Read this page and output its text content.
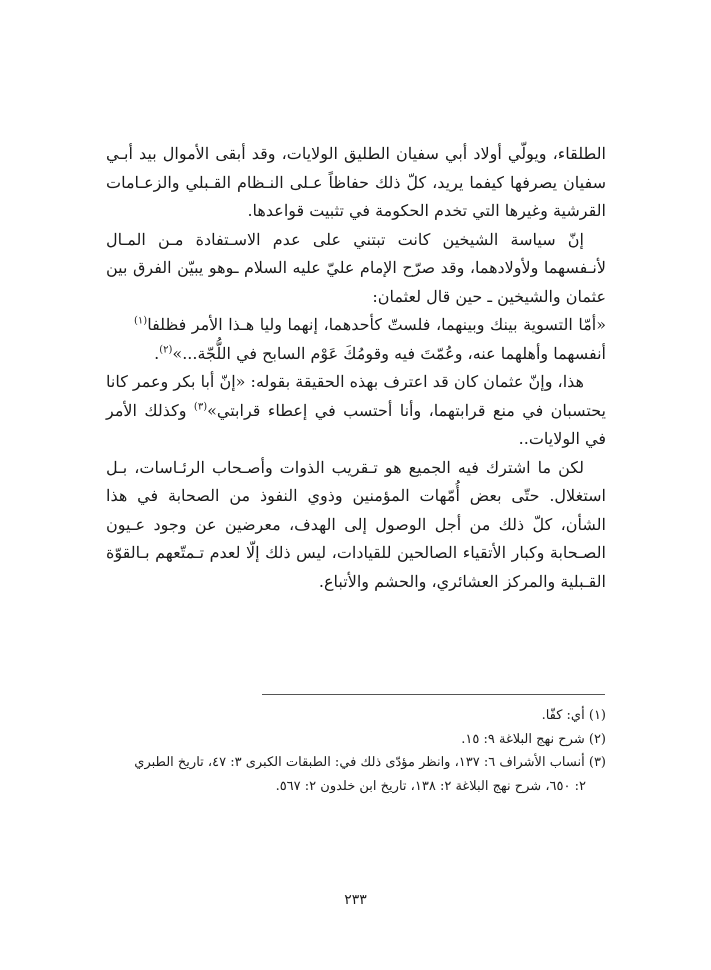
الطلقاء، ويولّي أولاد أبي سفيان الطليق الولايات، وقد أبقى الأموال بيد أبـي سفيان يصرفها كيفما يريد، كلّ ذلك حفاظاً عـلى النـظام القـبلي والزعـامات القرشية وغيرها التي تخدم الحكومة في تثبيت قواعدها.

إنّ سياسة الشيخين كانت تبتني على عدم الاسـتفادة مـن المـال لأنـفسهما ولأولادهما، وقد صرّح الإمام عليّ عليه السلام ـوهو يبيّن الفرق بين عثمان والشيخين ـ حين قال لعثمان:

«أمّا التسوية بينك وبينهما، فلستّ كأحدهما، إنهما وليا هـذا الأمر فظلفا$^{(١)}$ أنفسهما وأهلهما عنه، وعُمّتَ فيه وقومُكَ عَوْم السابح في اللُّجّة...»$^{(٢)}$.

هذا، وإنّ عثمان كان قد اعترف بهذه الحقيقة بقوله: «إنّ أبا بكر وعمر كانا يحتسبان في منع قرابتهما، وأنا أحتسب في إعطاء قرابتي»$^{(٣)}$ وكذلك الأمر في الولايات..

لكن ما اشترك فيه الجميع هو تـقريب الذوات وأصـحاب الرئـاسات، بـل استغلال. حتّى بعض أُمّهات المؤمنين وذوي النفوذ من الصحابة في هذا الشأن، كلّ ذلك من أجل الوصول إلى الهدف، معرضين عن وجود عـيون الصـحابة وكبار الأتقياء الصالحين للقيادات، ليس ذلك إلّا لعدم تـمتّعهم بـالقوّة القـبلية والمركز العشائري، والحشم والأتباع.

(١) أي: كفّا.

(٢) شرح نهج البلاغة ٩: ١٥.

(٣) أنساب الأشراف ٦: ١٣٧، وانظر مؤدّى ذلك في: الطبقات الكبرى ٣: ٤٧، تاريخ الطبري

٢: ٦٥٠، شرح نهج البلاغة ٢: ١٣٨، تاريخ ابن خلدون ٢: ٥٦٧.

٢٣٣
